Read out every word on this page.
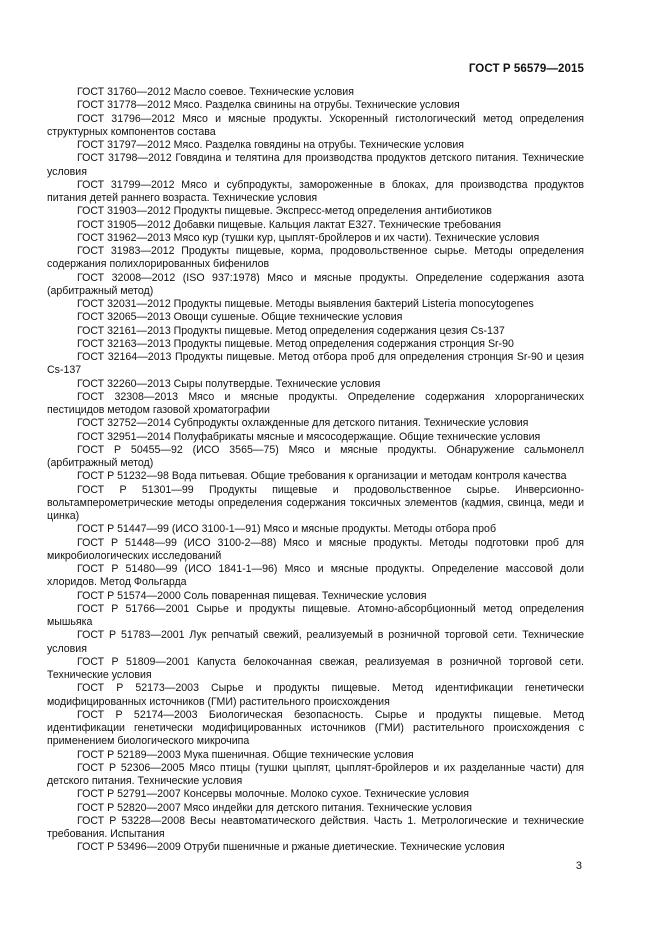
ГОСТ Р 56579—2015

ГОСТ 31760—2012 Масло соевое. Технические условия

ГОСТ 31778—2012 Мясо. Разделка свинины на отрубы. Технические условия

ГОСТ 31796—2012 Мясо и мясные продукты. Ускоренный гистологический метод определения структурных компонентов состава

ГОСТ 31797—2012 Мясо. Разделка говядины на отрубы. Технические условия

ГОСТ 31798—2012 Говядина и телятина для производства продуктов детского питания. Технические условия

ГОСТ 31799—2012 Мясо и субпродукты, замороженные в блоках, для производства продуктов питания детей раннего возраста. Технические условия

ГОСТ 31903—2012 Продукты пищевые. Экспресс-метод определения антибиотиков

ГОСТ 31905—2012 Добавки пищевые. Кальция лактат Е327. Технические требования

ГОСТ 31962—2013 Мясо кур (тушки кур, цыплят-бройлеров и их части). Технические условия

ГОСТ 31983—2012 Продукты пищевые, корма, продовольственное сырье. Методы определения содержания полихлорированных бифенилов

ГОСТ 32008—2012 (ISO 937:1978) Мясо и мясные продукты. Определение содержания азота (арбитражный метод)

ГОСТ 32031—2012 Продукты пищевые. Методы выявления бактерий Listeria monocytogenes

ГОСТ 32065—2013 Овощи сушеные. Общие технические условия

ГОСТ 32161—2013 Продукты пищевые. Метод определения содержания цезия Cs-137

ГОСТ 32163—2013 Продукты пищевые. Метод определения содержания стронция Sr-90

ГОСТ 32164—2013 Продукты пищевые. Метод отбора проб для определения стронция Sr-90 и цезия Cs-137

ГОСТ 32260—2013 Сыры полутвердые. Технические условия

ГОСТ 32308—2013 Мясо и мясные продукты. Определение содержания хлорорганических пестицидов методом газовой хроматографии

ГОСТ 32752—2014 Субпродукты охлажденные для детского питания. Технические условия

ГОСТ 32951—2014 Полуфабрикаты мясные и мясосодержащие. Общие технические условия

ГОСТ Р 50455—92 (ИСО 3565—75) Мясо и мясные продукты. Обнаружение сальмонелл (арбитражный метод)

ГОСТ Р 51232—98 Вода питьевая. Общие требования к организации и методам контроля качества

ГОСТ Р 51301—99 Продукты пищевые и продовольственное сырье. Инверсионно-вольтамперометрические методы определения содержания токсичных элементов (кадмия, свинца, меди и цинка)

ГОСТ Р 51447—99 (ИСО 3100-1—91) Мясо и мясные продукты. Методы отбора проб

ГОСТ Р 51448—99 (ИСО 3100-2—88) Мясо и мясные продукты. Методы подготовки проб для микробиологических исследований

ГОСТ Р 51480—99 (ИСО 1841-1—96) Мясо и мясные продукты. Определение массовой доли хлоридов. Метод Фольгарда

ГОСТ Р 51574—2000 Соль поваренная пищевая. Технические условия

ГОСТ Р 51766—2001 Сырье и продукты пищевые. Атомно-абсорбционный метод определения мышьяка

ГОСТ Р 51783—2001 Лук репчатый свежий, реализуемый в розничной торговой сети. Технические условия

ГОСТ Р 51809—2001 Капуста белокочанная свежая, реализуемая в розничной торговой сети. Технические условия

ГОСТ Р 52173—2003 Сырье и продукты пищевые. Метод идентификации генетически модифицированных источников (ГМИ) растительного происхождения

ГОСТ Р 52174—2003 Биологическая безопасность. Сырье и продукты пищевые. Метод идентификации генетически модифицированных источников (ГМИ) растительного происхождения с применением биологического микрочипа

ГОСТ Р 52189—2003 Мука пшеничная. Общие технические условия

ГОСТ Р 52306—2005 Мясо птицы (тушки цыплят, цыплят-бройлеров и их разделанные части) для детского питания. Технические условия

ГОСТ Р 52791—2007 Консервы молочные. Молоко сухое. Технические условия

ГОСТ Р 52820—2007 Мясо индейки для детского питания. Технические условия

ГОСТ Р 53228—2008 Весы неавтоматического действия. Часть 1. Метрологические и технические требования. Испытания

ГОСТ Р 53496—2009 Отруби пшеничные и ржаные диетические. Технические условия

3
